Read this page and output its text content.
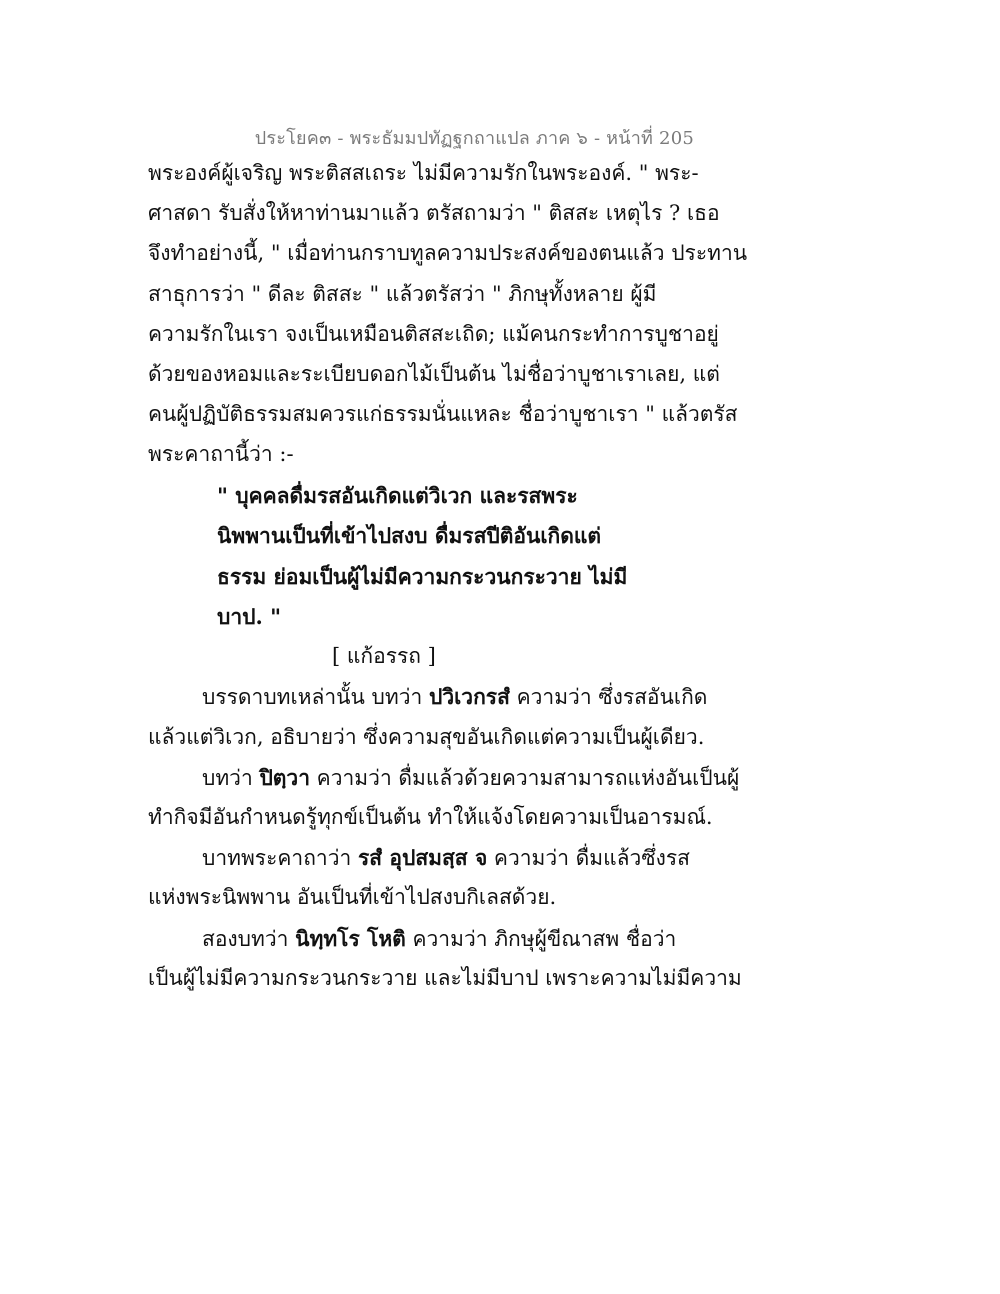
ประโยค๓ - พระธัมมปทัฏฐกถาแปล ภาค ๖ - หน้าที่ 205
พระองค์ผู้เจริญ พระติสสเถระ ไม่มีความรักในพระองค์. " พระ-
ศาสดา รับสั่งให้หาท่านมาแล้ว ตรัสถามว่า " ติสสะ เหตุไร ? เธอ
จึงทำอย่างนี้, " เมื่อท่านกราบทูลความประสงค์ของตนแล้ว ประทาน
สาธุการว่า " ดีละ ติสสะ " แล้วตรัสว่า " ภิกษุทั้งหลาย ผู้มี
ความรักในเรา จงเป็นเหมือนติสสะเถิด; แม้คนกระทำการบูชาอยู่
ด้วยของหอมและระเบียบดอกไม้เป็นต้น ไม่ชื่อว่าบูชาเราเลย, แต่
คนผู้ปฏิบัติธรรมสมควรแก่ธรรมนั่นแหละ ชื่อว่าบูชาเรา " แล้วตรัส
พระคาถานี้ว่า :-
" บุคคลดื่มรสอันเกิดแต่วิเวก และรสพระ
นิพพานเป็นที่เข้าไปสงบ ดื่มรสปีติอันเกิดแต่
ธรรม ย่อมเป็นผู้ไม่มีความกระวนกระวาย ไม่มี
บาป. "
[ แก้อรรถ ]
บรรดาบทเหล่านั้น บทว่า ปวิเวกรสํ ความว่า ซึ่งรสอันเกิด
แล้วแต่วิเวก, อธิบายว่า ซึ่งความสุขอันเกิดแต่ความเป็นผู้เดียว.
บทว่า ปิตฺวา ความว่า ดื่มแล้วด้วยความสามารถแห่งอันเป็นผู้
ทำกิจมีอันกำหนดรู้ทุกข์เป็นต้น ทำให้แจ้งโดยความเป็นอารมณ์.
บาทพระคาถาว่า รสํ อุปสมสฺส จ ความว่า ดื่มแล้วซึ่งรส
แห่งพระนิพพาน อันเป็นที่เข้าไปสงบกิเลสด้วย.
สองบทว่า นิทฺทโร โหติ ความว่า ภิกษุผู้ขีณาสพ ชื่อว่า
เป็นผู้ไม่มีความกระวนกระวาย และไม่มีบาป เพราะความไม่มีความ
